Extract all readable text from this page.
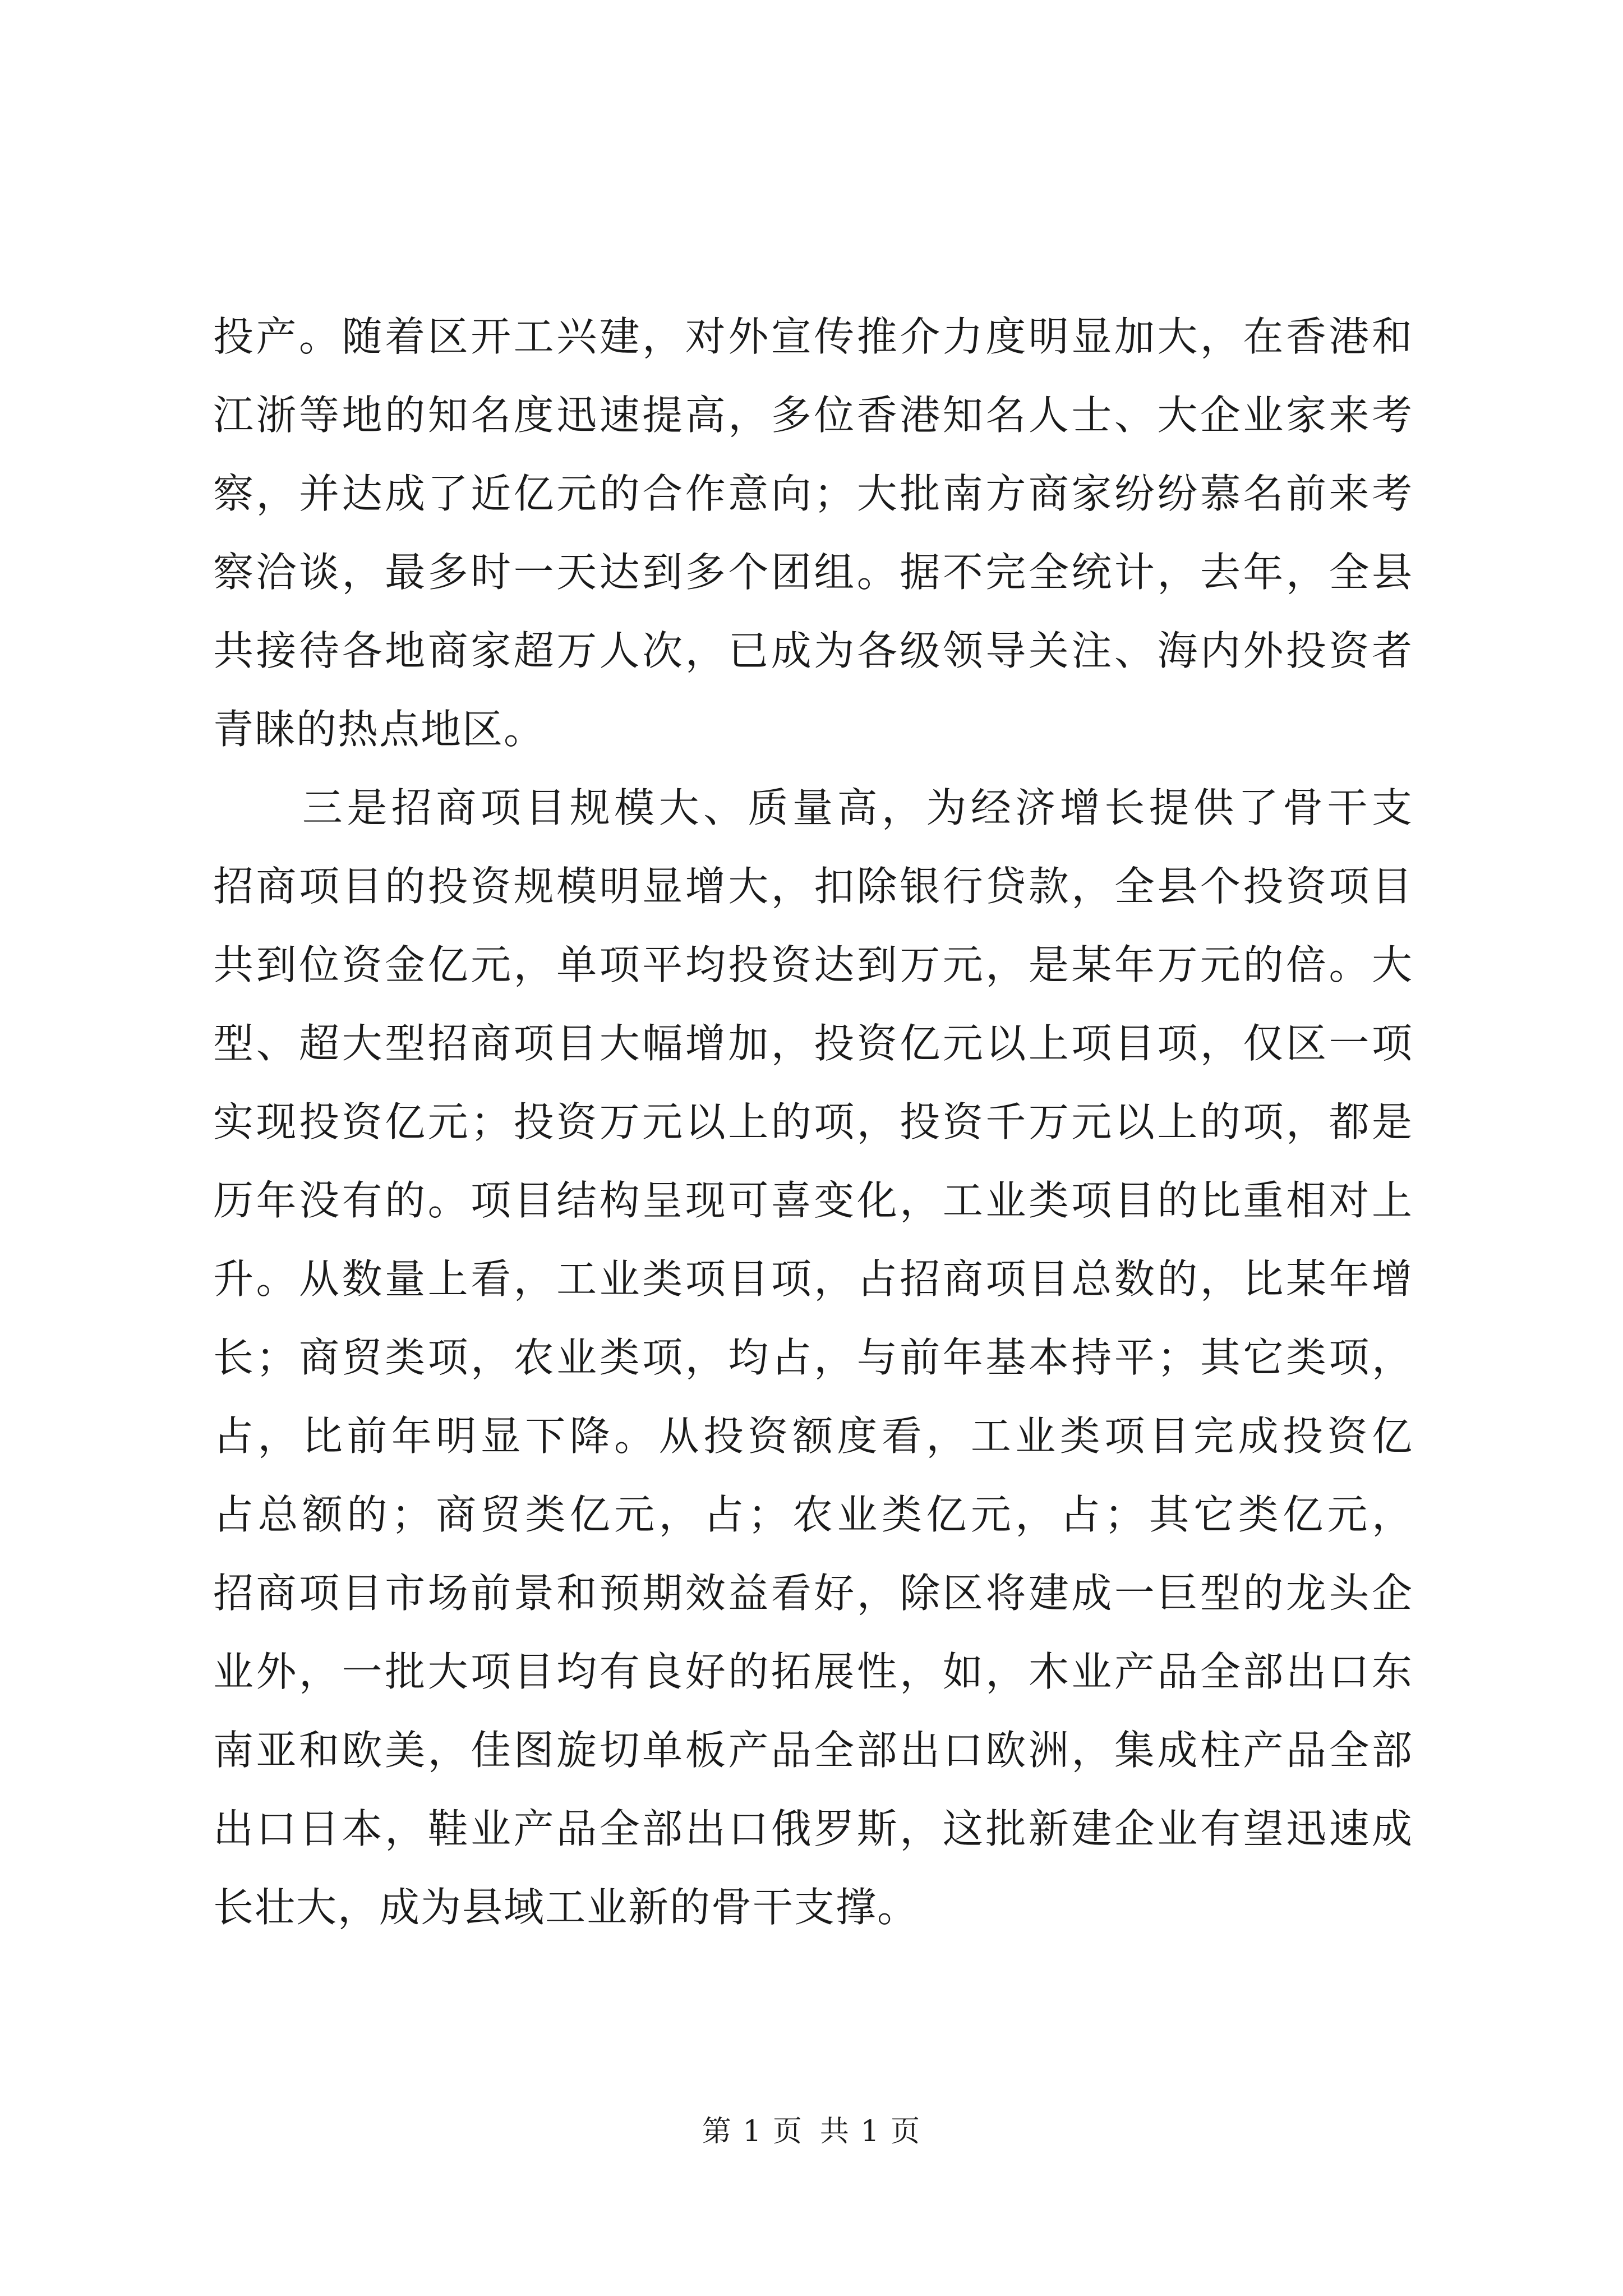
投产。随着区开工兴建，对外宣传推介力度明显加大，在香港和
江浙等地的知名度迅速提高，多位香港知名人士、大企业家来考
察，并达成了近亿元的合作意向；大批南方商家纷纷慕名前来考
察洽谈，最多时一天达到多个团组。据不完全统计，去年，全县
共接待各地商家超万人次，已成为各级领导关注、海内外投资者
青睐的热点地区。
　　三是招商项目规模大、质量高，为经济增长提供了骨干支
招商项目的投资规模明显增大，扣除银行贷款，全县个投资项目
共到位资金亿元，单项平均投资达到万元，是某年万元的倍。大
型、超大型招商项目大幅增加，投资亿元以上项目项，仅区一项
实现投资亿元；投资万元以上的项，投资千万元以上的项，都是
历年没有的。项目结构呈现可喜变化，工业类项目的比重相对上
升。从数量上看，工业类项目项，占招商项目总数的，比某年增
长；商贸类项，农业类项，均占，与前年基本持平；其它类项，
占，比前年明显下降。从投资额度看，工业类项目完成投资亿
占总额的；商贸类亿元，占；农业类亿元，占；其它类亿元，
招商项目市场前景和预期效益看好，除区将建成一巨型的龙头企
业外，一批大项目均有良好的拓展性，如，木业产品全部出口东
南亚和欧美，佳图旋切单板产品全部出口欧洲，集成柱产品全部
出口日本，鞋业产品全部出口俄罗斯，这批新建企业有望迅速成
长壮大，成为县域工业新的骨干支撑。
第 1 页 共 1 页
